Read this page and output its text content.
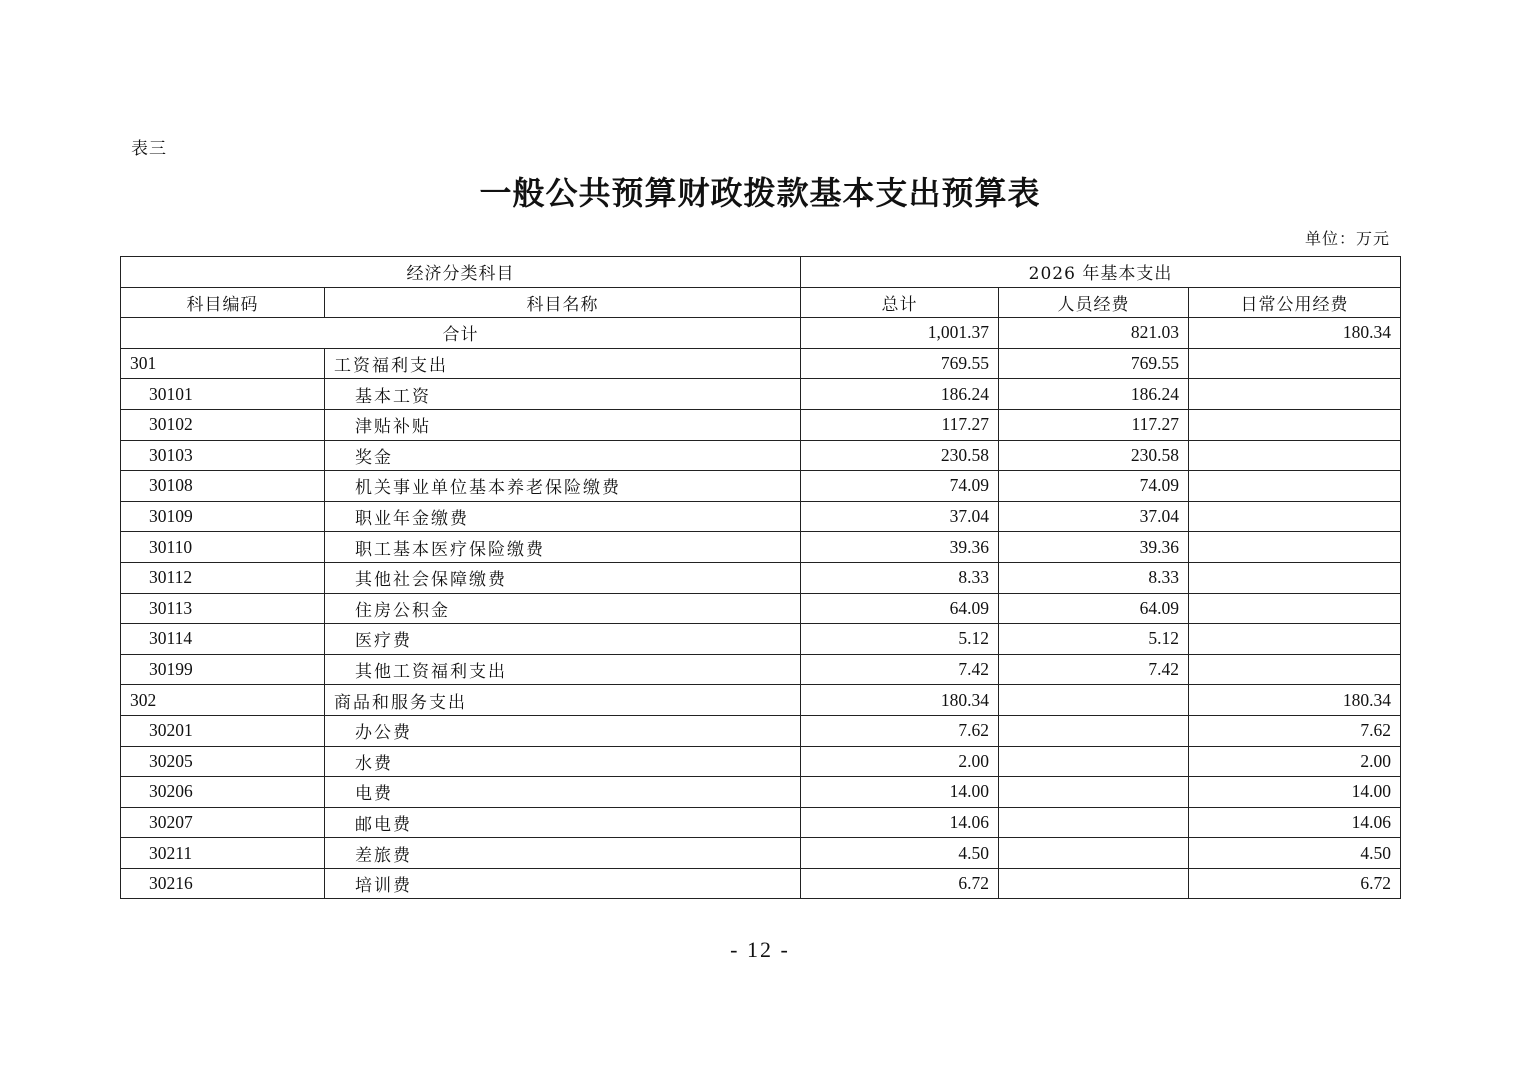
表三
一般公共预算财政拨款基本支出预算表
单位：万元
经济分类科目		2026 年基本支出		
科目编码	科目名称	总计	人员经费	日常公用经费
合计		1,001.37	821.03	180.34
301	工资福利支出	769.55	769.55	
30101	基本工资	186.24	186.24	
30102	津贴补贴	117.27	117.27	
30103	奖金	230.58	230.58	
30108	机关事业单位基本养老保险缴费	74.09	74.09	
30109	职业年金缴费	37.04	37.04	
30110	职工基本医疗保险缴费	39.36	39.36	
30112	其他社会保障缴费	8.33	8.33	
30113	住房公积金	64.09	64.09	
30114	医疗费	5.12	5.12	
30199	其他工资福利支出	7.42	7.42	
302	商品和服务支出	180.34		180.34
30201	办公费	7.62		7.62
30205	水费	2.00		2.00
30206	电费	14.00		14.00
30207	邮电费	14.06		14.06
30211	差旅费	4.50		4.50
30216	培训费	6.72		6.72
- 12 -
